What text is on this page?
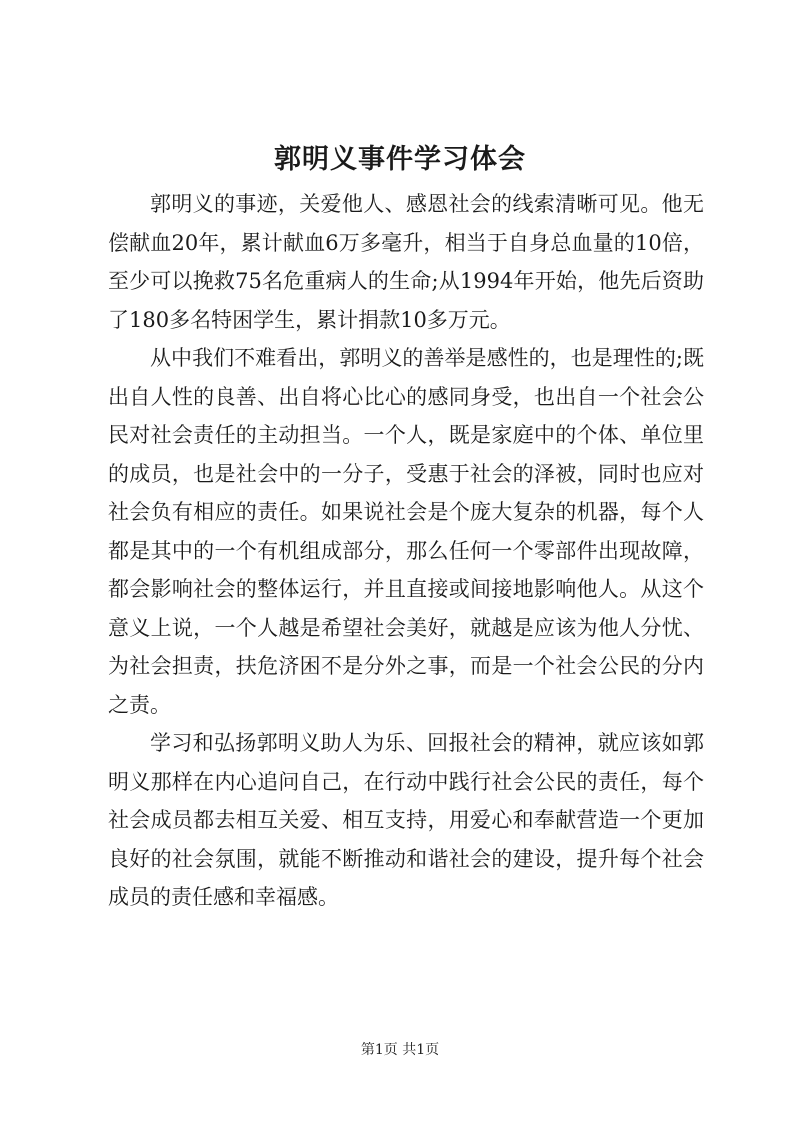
郭明义事件学习体会

郭明义的事迹，关爱他人、感恩社会的线索清晰可见。他无偿献血20年，累计献血6万多毫升，相当于自身总血量的10倍，至少可以挽救75名危重病人的生命;从1994年开始，他先后资助了180多名特困学生，累计捐款10多万元。

从中我们不难看出，郭明义的善举是感性的，也是理性的;既出自人性的良善、出自将心比心的感同身受，也出自一个社会公民对社会责任的主动担当。一个人，既是家庭中的个体、单位里的成员，也是社会中的一分子，受惠于社会的泽被，同时也应对社会负有相应的责任。如果说社会是个庞大复杂的机器，每个人都是其中的一个有机组成部分，那么任何一个零部件出现故障，都会影响社会的整体运行，并且直接或间接地影响他人。从这个意义上说，一个人越是希望社会美好，就越是应该为他人分忧、为社会担责，扶危济困不是分外之事，而是一个社会公民的分内之责。

学习和弘扬郭明义助人为乐、回报社会的精神，就应该如郭明义那样在内心追问自己，在行动中践行社会公民的责任，每个社会成员都去相互关爱、相互支持，用爱心和奉献营造一个更加良好的社会氛围，就能不断推动和谐社会的建设，提升每个社会成员的责任感和幸福感。

第1页 共1页
